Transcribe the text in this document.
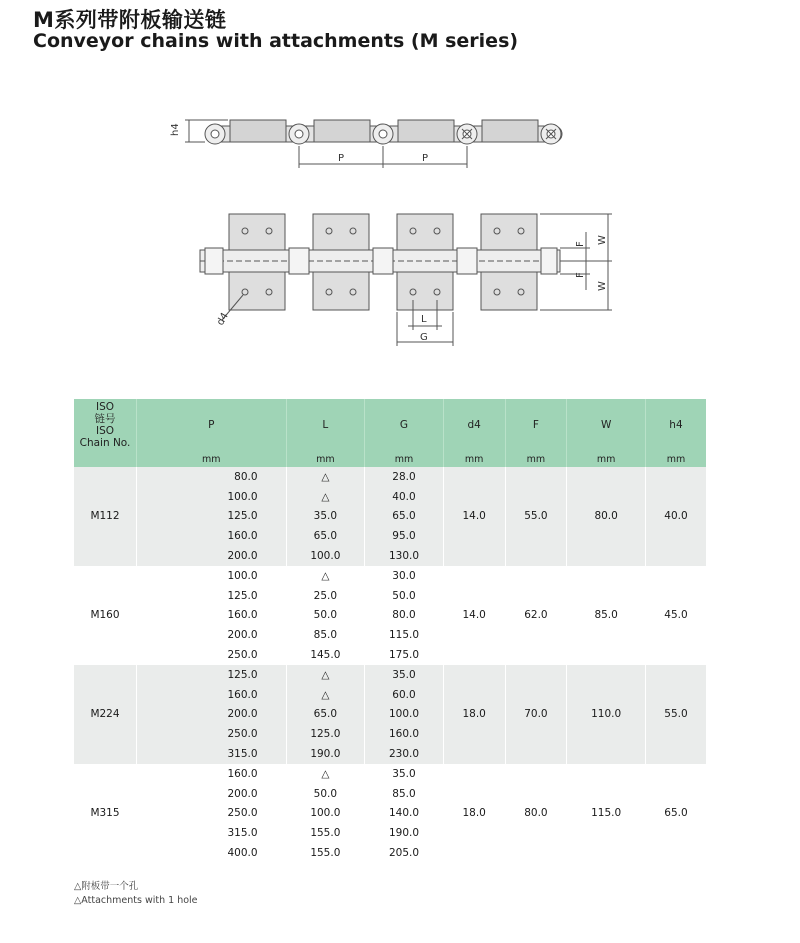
M系列带附板输送链
Conveyor chains with attachments (M series)
h4
P	P
F
F
W
W
L
G
d4
ISO
链号
ISO
Chain No.	P	L	G	d4	F	W	h4
	mm	mm	mm	mm	mm	mm	mm
M112	80.0	△	28.0	14.0	55.0	80.0	40.0
	100.0	△	40.0				
	125.0	35.0	65.0				
	160.0	65.0	95.0				
	200.0	100.0	130.0				
M160	100.0	△	30.0	14.0	62.0	85.0	45.0
	125.0	25.0	50.0				
	160.0	50.0	80.0				
	200.0	85.0	115.0				
	250.0	145.0	175.0				
M224	125.0	△	35.0	18.0	70.0	110.0	55.0
	160.0	△	60.0				
	200.0	65.0	100.0				
	250.0	125.0	160.0				
	315.0	190.0	230.0				
M315	160.0	△	35.0	18.0	80.0	115.0	65.0
	200.0	50.0	85.0				
	250.0	100.0	140.0				
	315.0	155.0	190.0				
	400.0	155.0	205.0				
△附板带一个孔
△Attachments with 1 hole
